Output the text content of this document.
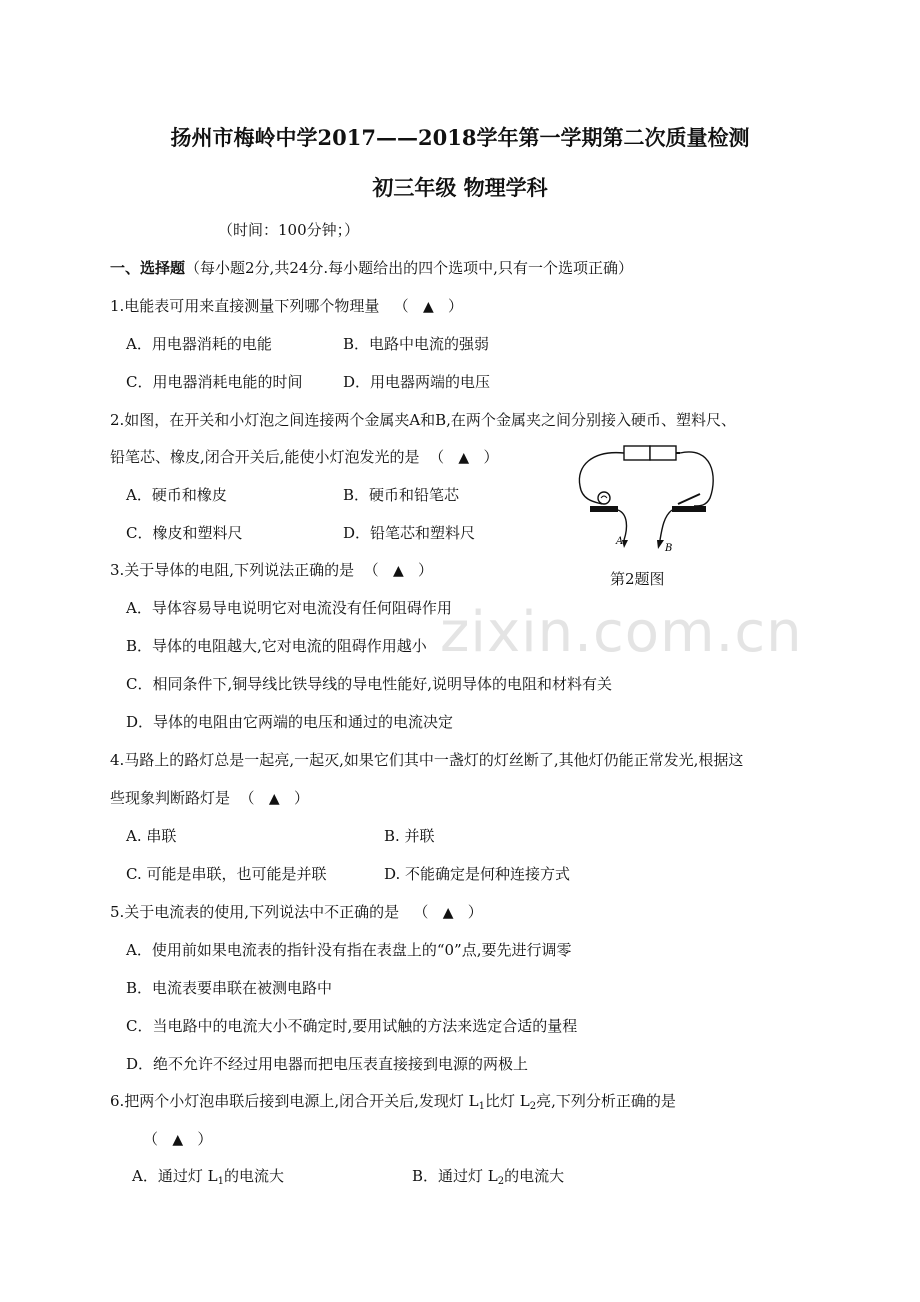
zixin.com.cn
扬州市梅岭中学2017——2018学年第一学期第二次质量检测
初三年级 物理学科
（时间：100分钟；）
一、选择题（每小题2分,共24分.每小题给出的四个选项中,只有一个选项正确）
1.电能表可用来直接测量下列哪个物理量   （   ▲   ）
A．用电器消耗的电能	B．电路中电流的强弱
C．用电器消耗电能的时间	D．用电器两端的电压
2.如图，在开关和小灯泡之间连接两个金属夹A和B,在两个金属夹之间分别接入硬币、塑料尺、
铅笔芯、橡皮,闭合开关后,能使小灯泡发光的是  （   ▲   ）
A．硬币和橡皮	B．硬币和铅笔芯
C．橡皮和塑料尺	D．铅笔芯和塑料尺	A
B
第2题图
3.关于导体的电阻,下列说法正确的是  （   ▲   ）
A．导体容易导电说明它对电流没有任何阻碍作用
B．导体的电阻越大,它对电流的阻碍作用越小
C．相同条件下,铜导线比铁导线的导电性能好,说明导体的电阻和材料有关
D．导体的电阻由它两端的电压和通过的电流决定
4.马路上的路灯总是一起亮,一起灭,如果它们其中一盏灯的灯丝断了,其他灯仍能正常发光,根据这
些现象判断路灯是  （   ▲   ）
A. 串联	B. 并联
C. 可能是串联，也可能是并联	D. 不能确定是何种连接方式
5.关于电流表的使用,下列说法中不正确的是   （   ▲   ）
A．使用前如果电流表的指针没有指在表盘上的“0”点,要先进行调零
B．电流表要串联在被测电路中
C．当电路中的电流大小不确定时,要用试触的方法来选定合适的量程
D．绝不允许不经过用电器而把电压表直接接到电源的两极上
6.把两个小灯泡串联后接到电源上,闭合开关后,发现灯 $L_1$比灯 $L_2$亮,下列分析正确的是
（   ▲   ）
A．通过灯 $L_1$的电流大	B．通过灯 $L_2$的电流大
